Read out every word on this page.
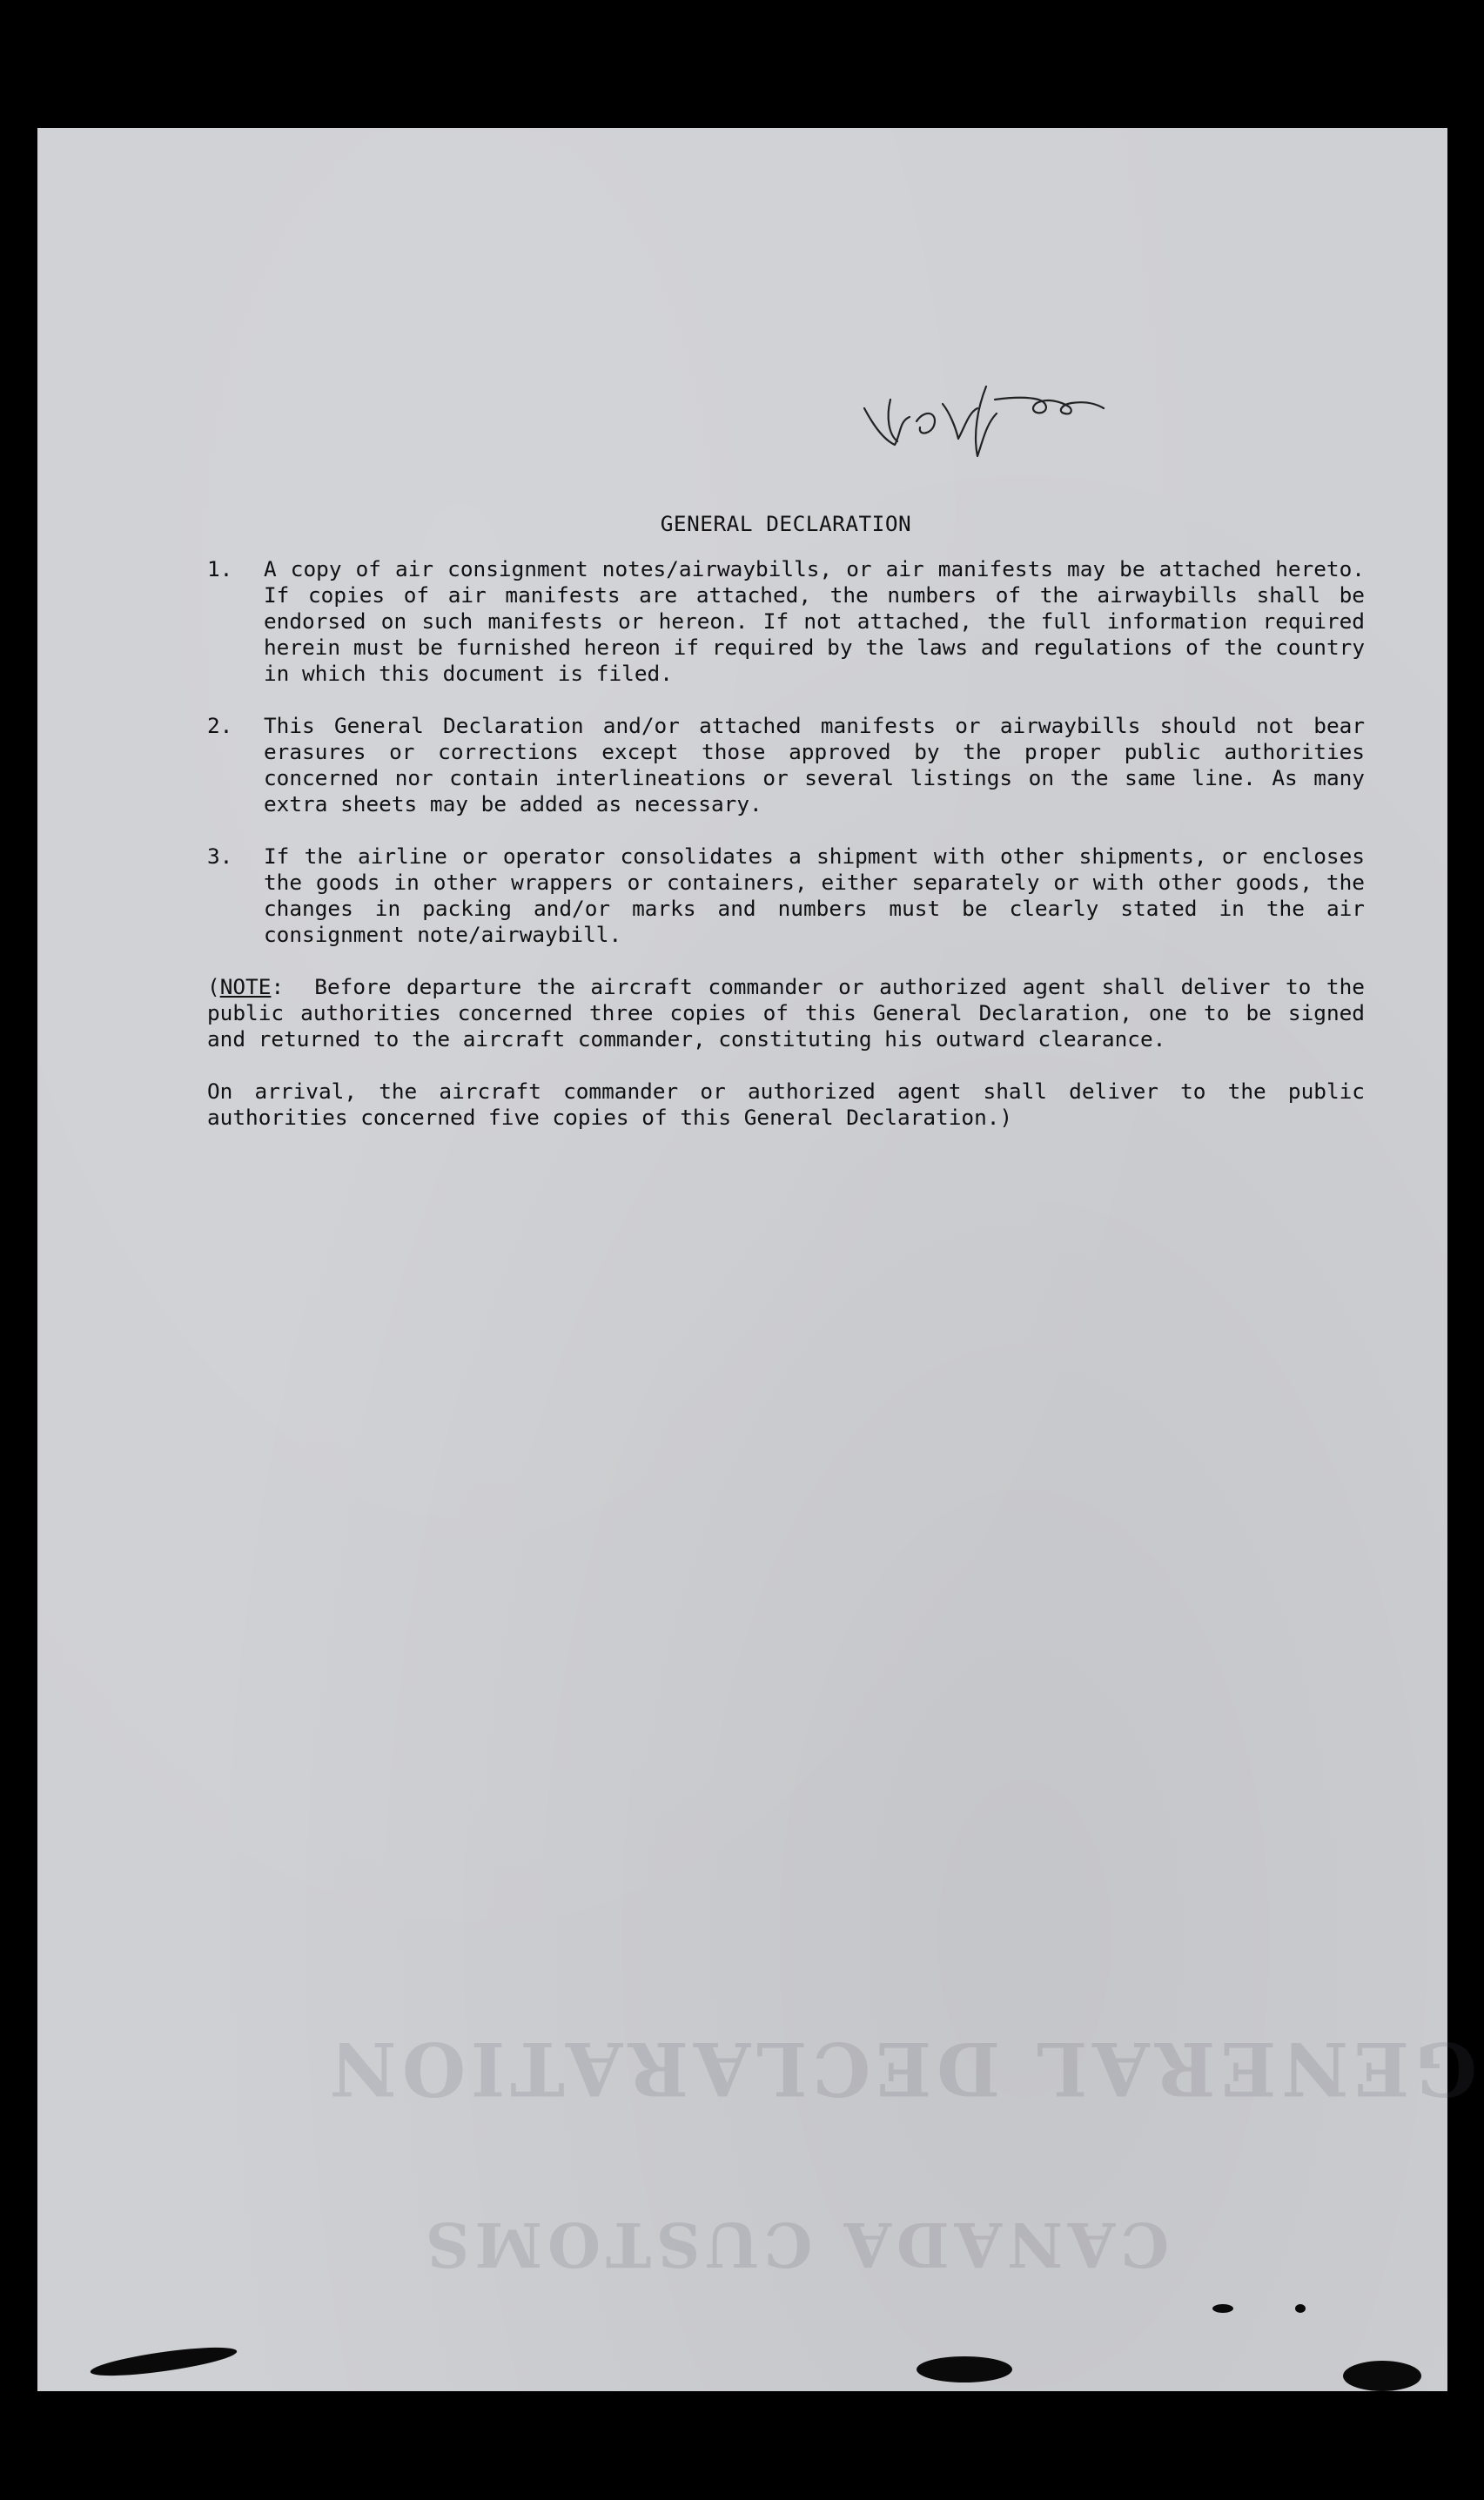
GENERAL DECLARATION
CANADA CUSTOMS
GENERAL DECLARATION
1.	A copy of air consignment notes/airwaybills, or air manifests may be attached hereto. If copies of air manifests are attached, the numbers of the airwaybills shall be endorsed on such manifests or hereon. If not attached, the full information required herein must be furnished hereon if required by the laws and regulations of the country in which this document is filed.
2.	This General Declaration and/or attached manifests or airwaybills should not bear erasures or corrections except those approved by the proper public authorities concerned nor contain interlineations or several listings on the same line. As many extra sheets may be added as necessary.
3.	If the airline or operator consolidates a shipment with other shipments, or encloses the goods in other wrappers or containers, either separately or with other goods, the changes in packing and/or marks and numbers must be clearly stated in the air consignment note/airwaybill.

(NOTE:  Before departure the aircraft commander or authorized agent shall deliver to the public authorities concerned three copies of this General Declaration, one to be signed and returned to the aircraft commander, constituting his outward clearance.

On arrival, the aircraft commander or authorized agent shall deliver to the public authorities concerned five copies of this General Declaration.)
